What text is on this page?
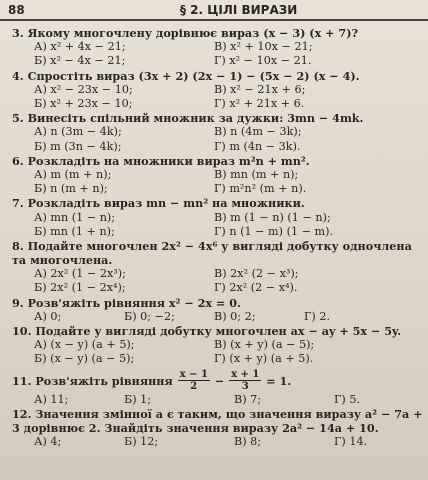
88	§ 2. ЦІЛІ ВИРАЗИ
3. Якому многочлену дорівнює вираз (x − 3) (x + 7)?
А) x² + 4x − 21;	В) x² + 10x − 21;
Б) x² − 4x − 21;	Г) x² − 10x − 21.
4. Спростіть вираз (3x + 2) (2x − 1) − (5x − 2) (x − 4).
А) x² − 23x − 10;	В) x² − 21x + 6;
Б) x² + 23x − 10;	Г) x² + 21x + 6.
5. Винесіть спільний множник за дужки: 3mn − 4mk.
А) n (3m − 4k);	В) n (4m − 3k);
Б) m (3n − 4k);	Г) m (4n − 3k).
6. Розкладіть на множники вираз m²n + mn².
А) m (m + n);	В) mn (m + n);
Б) n (m + n);	Г) m²n² (m + n).
7. Розкладіть вираз mn − mn² на множники.
А) mn (1 − n);	В) m (1 − n) (1 − n);
Б) mn (1 + n);	Г) n (1 − m) (1 − m).
8. Подайте многочлен 2x² − 4x⁶ у вигляді добутку одночлена та многочлена.
А) 2x² (1 − 2x³);	В) 2x² (2 − x³);
Б) 2x² (1 − 2x⁴);	Г) 2x² (2 − x⁴).
9. Розв'яжіть рівняння x² − 2x = 0.
А) 0;	Б) 0; −2;	В) 0; 2;	Г) 2.
10. Подайте у вигляді добутку многочлен ax − ay + 5x − 5y.
А) (x − y) (a + 5);	В) (x + y) (a − 5);
Б) (x − y) (a − 5);	Г) (x + y) (a + 5).
11. Розв'яжіть рівняння $\frac{x - 1}{2} - \frac{x + 1}{3} = 1$.
А) 11;	Б) 1;	В) 7;	Г) 5.
12. Значення змінної a є таким, що значення виразу a² − 7a + 3 дорівнює 2. Знайдіть значення виразу 2a² − 14a + 10.
А) 4;	Б) 12;	В) 8;	Г) 14.
